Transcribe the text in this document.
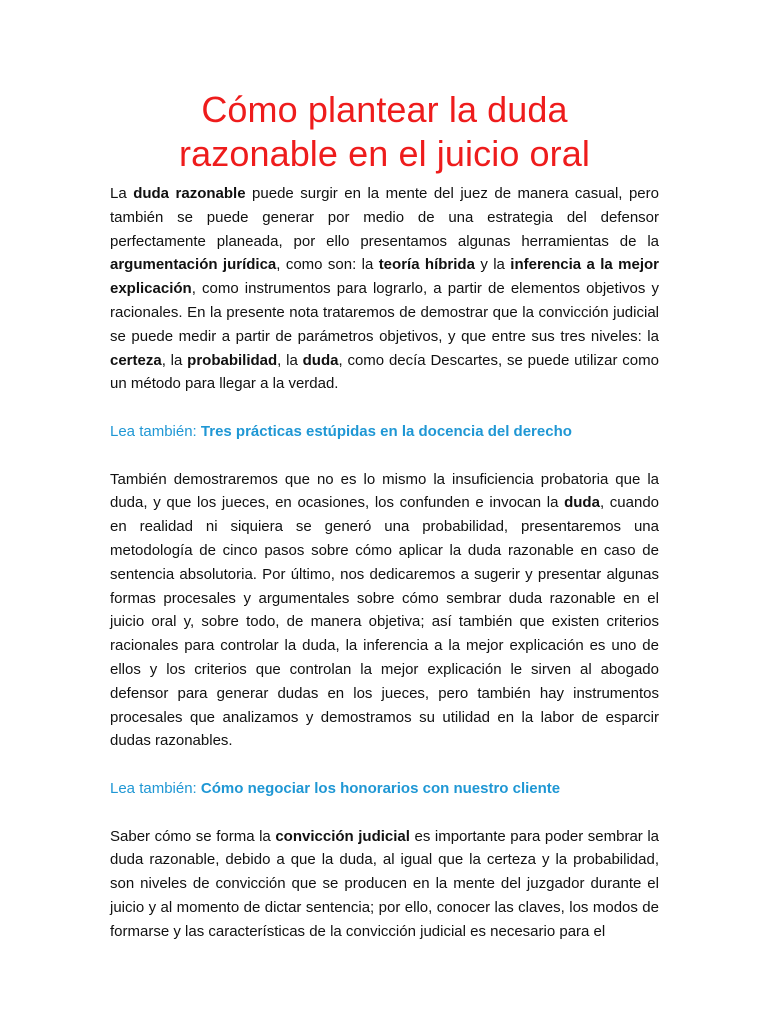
Cómo plantear la duda
razonable en el juicio oral

La duda razonable puede surgir en la mente del juez de manera casual, pero también se puede generar por medio de una estrategia del defensor perfectamente planeada, por ello presentamos algunas herramientas de la argumentación jurídica, como son: la teoría híbrida y la inferencia a la mejor explicación, como instrumentos para lograrlo, a partir de elementos objetivos y racionales. En la presente nota trataremos de demostrar que la convicción judicial se puede medir a partir de parámetros objetivos, y que entre sus tres niveles: la certeza, la probabilidad, la duda, como decía Descartes, se puede utilizar como un método para llegar a la verdad.

Lea también: Tres prácticas estúpidas en la docencia del derecho

También demostraremos que no es lo mismo la insuficiencia probatoria que la duda, y que los jueces, en ocasiones, los confunden e invocan la duda, cuando en realidad ni siquiera se generó una probabilidad, presentaremos una metodología de cinco pasos sobre cómo aplicar la duda razonable en caso de sentencia absolutoria. Por último, nos dedicaremos a sugerir y presentar algunas formas procesales y argumentales sobre cómo sembrar duda razonable en el juicio oral y, sobre todo, de manera objetiva; así también que existen criterios racionales para controlar la duda, la inferencia a la mejor explicación es uno de ellos y los criterios que controlan la mejor explicación le sirven al abogado defensor para generar dudas en los jueces, pero también hay instrumentos procesales que analizamos y demostramos su utilidad en la labor de esparcir dudas razonables.

Lea también: Cómo negociar los honorarios con nuestro cliente

Saber cómo se forma la convicción judicial es importante para poder sembrar la duda razonable, debido a que la duda, al igual que la certeza y la probabilidad, son niveles de convicción que se producen en la mente del juzgador durante el juicio y al momento de dictar sentencia; por ello, conocer las claves, los modos de formarse y las características de la convicción judicial es necesario para el
